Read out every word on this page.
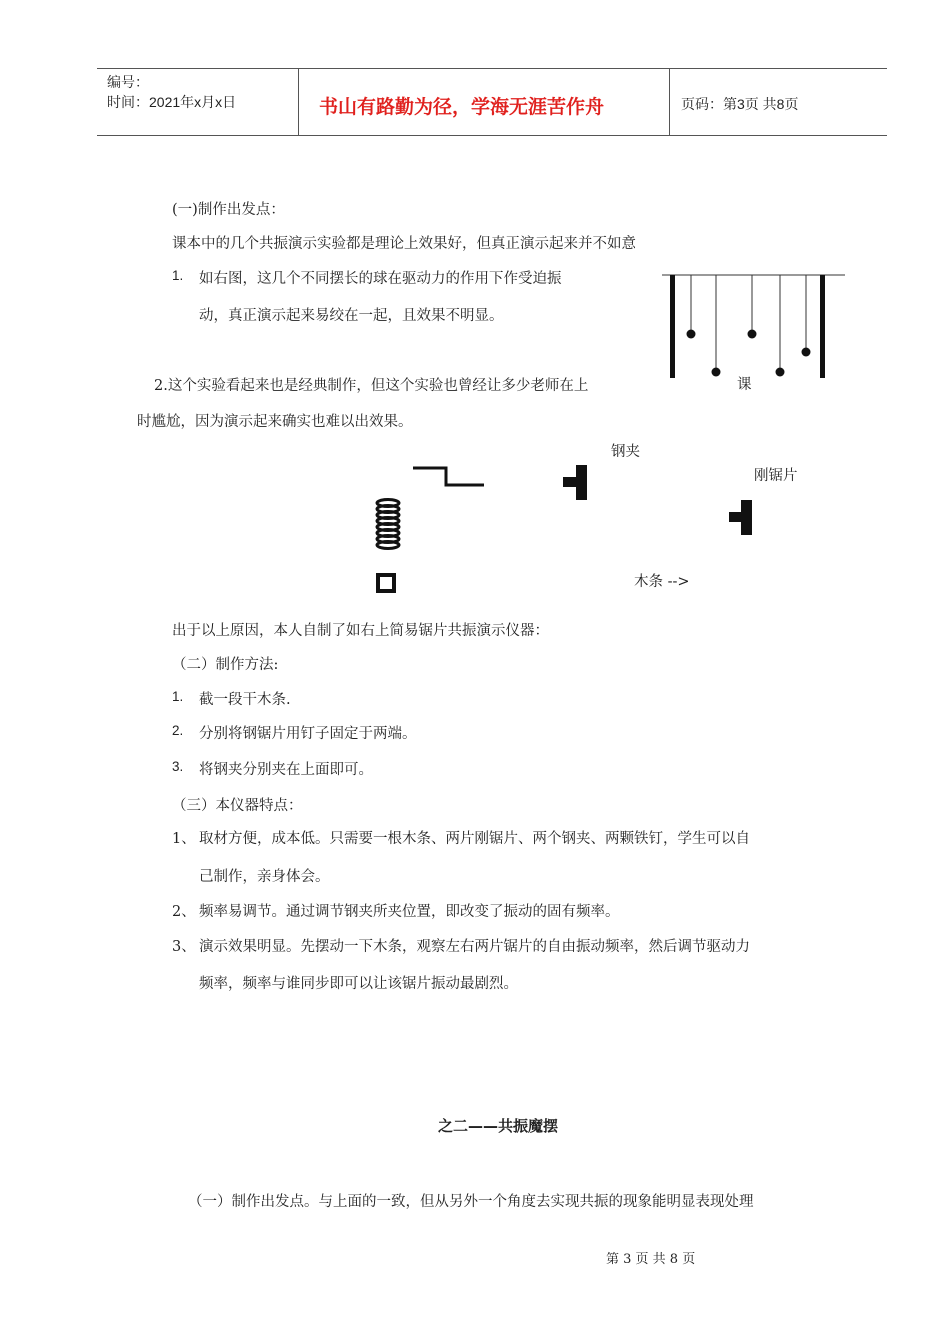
编号：
时间：2021年x月x日	书山有路勤为径，学海无涯苦作舟	页码：第3页 共8页
(一)制作出发点：
课本中的几个共振演示实验都是理论上效果好，但真正演示起来并不如意
1. 如右图，这几个不同摆长的球在驱动力的作用下作受迫振
动，真正演示起来易绞在一起，且效果不明显。
2.这个实验看起来也是经典制作，但这个实验也曾经让多少老师在上
时尴尬，因为演示起来确实也难以出效果。
课
钢夹
刚锯片
木条 -->
出于以上原因，本人自制了如右上简易锯片共振演示仪器：
（二）制作方法:
1. 截一段干木条.
2. 分别将钢锯片用钉子固定于两端。
3. 将钢夹分别夹在上面即可。
（三）本仪器特点：
1、 取材方便，成本低。只需要一根木条、两片刚锯片、两个钢夹、两颗铁钉，学生可以自
己制作，亲身体会。
2、 频率易调节。通过调节钢夹所夹位置，即改变了振动的固有频率。
3、 演示效果明显。先摆动一下木条，观察左右两片锯片的自由振动频率，然后调节驱动力
频率，频率与谁同步即可以让该锯片振动最剧烈。
之二——共振魔摆
（一）制作出发点。与上面的一致，但从另外一个角度去实现共振的现象能明显表现处理
第 3 页 共 8 页
